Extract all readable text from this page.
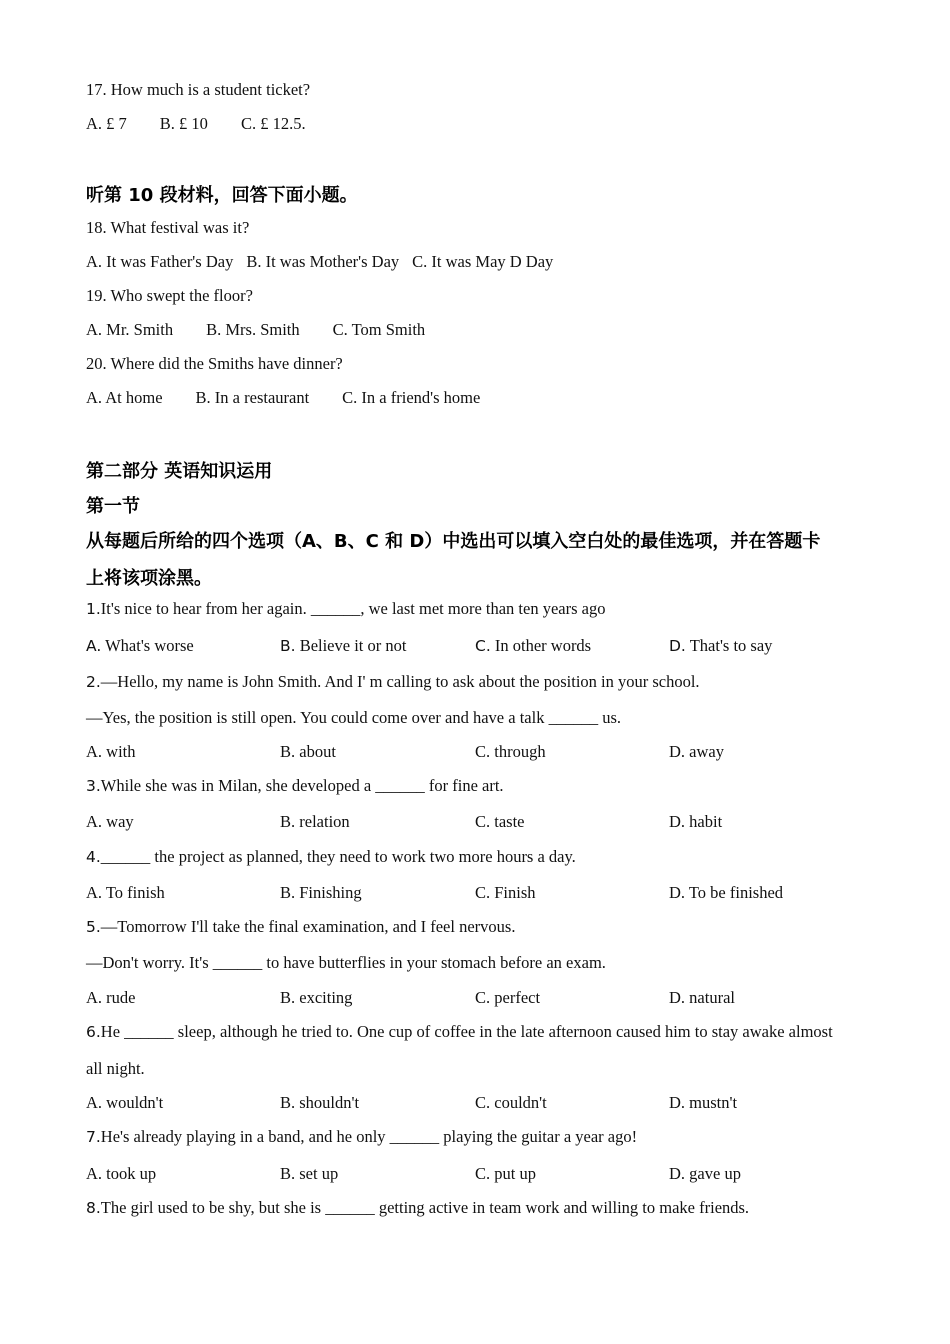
17. How much is a student ticket?
A. £ 7 B. £ 10 C. £ 12.5.
听第 10 段材料，回答下面小题。
18. What festival was it?
A. It was Father's Day B. It was Mother's Day C. It was May D Day
19. Who swept the floor?
A. Mr. Smith B. Mrs. Smith C. Tom Smith
20. Where did the Smiths have dinner?
A. At home B. In a restaurant C. In a friend's home
第二部分 英语知识运用
第一节
从每题后所给的四个选项（A、B、C 和 D）中选出可以填入空白处的最佳选项，并在答题卡
上将该项涂黑。
1.It's nice to hear from her again. ______, we last met more than ten years ago
A. What's worse	B. Believe it or not	C. In other words	D. That's to say
2.—Hello, my name is John Smith. And I' m calling to ask about the position in your school.
—Yes, the position is still open. You could come over and have a talk ______ us.
A. with	B. about	C. through	D. away
3.While she was in Milan, she developed a ______ for fine art.
A. way	B. relation	C. taste	D. habit
4.______ the project as planned, they need to work two more hours a day.
A. To finish	B. Finishing	C. Finish	D. To be finished
5.—Tomorrow I'll take the final examination, and I feel nervous.
—Don't worry. It's ______ to have butterflies in your stomach before an exam.
A. rude	B. exciting	C. perfect	D. natural
6.He ______ sleep, although he tried to. One cup of coffee in the late afternoon caused him to stay awake almost
all night.
A. wouldn't	B. shouldn't	C. couldn't	D. mustn't
7.He's already playing in a band, and he only ______ playing the guitar a year ago!
A. took up	B. set up	C. put up	D. gave up
8.The girl used to be shy, but she is ______ getting active in team work and willing to make friends.
